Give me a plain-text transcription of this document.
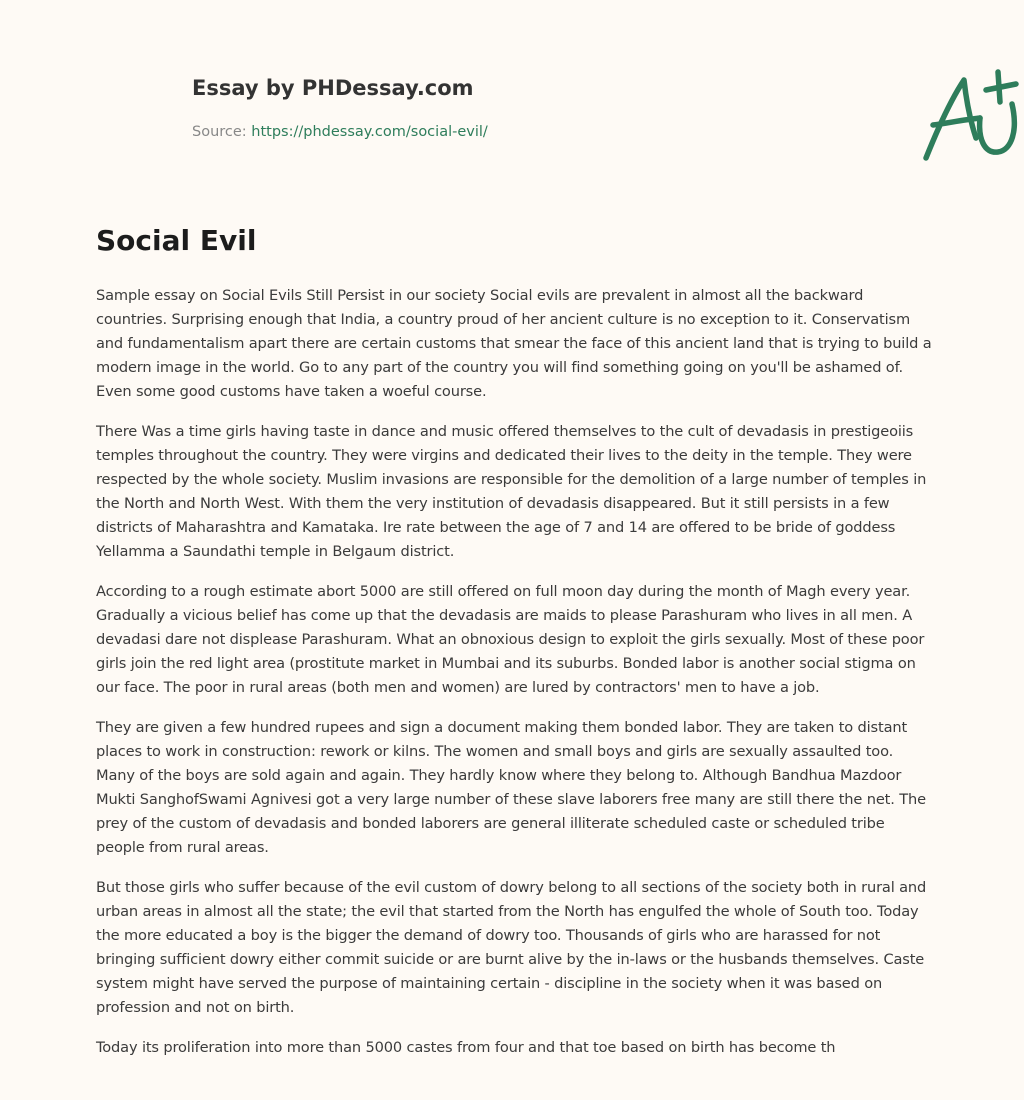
Essay by PHDessay.com
Source: https://phdessay.com/social-evil/
Social Evil

Sample essay on Social Evils Still Persist in our society Social evils are prevalent in almost all the backward countries. Surprising enough that India, a country proud of her ancient culture is no exception to it. Conservatism and fundamentalism apart there are certain customs that smear the face of this ancient land that is trying to build a modern image in the world. Go to any part of the country you will find something going on you'll be ashamed of. Even some good customs have taken a woeful course.

There Was a time girls having taste in dance and music offered themselves to the cult of devadasis in prestigeoiis temples throughout the country. They were virgins and dedicated their lives to the deity in the temple. They were respected by the whole society. Muslim invasions are responsible for the demolition of a large number of temples in the North and North West. With them the very institution of devadasis disappeared. But it still persists in a few districts of Maharashtra and Kamataka. Ire rate between the age of 7 and 14 are offered to be bride of goddess Yellamma a Saundathi temple in Belgaum district.

According to a rough estimate abort 5000 are still offered on full moon day during the month of Magh every year. Gradually a vicious belief has come up that the devadasis are maids to please Parashuram who lives in all men. A devadasi dare not displease Parashuram. What an obnoxious design to exploit the girls sexually. Most of these poor girls join the red light area (prostitute market in Mumbai and its suburbs. Bonded labor is another social stigma on our face. The poor in rural areas (both men and women) are lured by contractors' men to have a job.

They are given a few hundred rupees and sign a document making them bonded labor. They are taken to distant places to work in construction: rework or kilns. The women and small boys and girls are sexually assaulted too. Many of the boys are sold again and again. They hardly know where they belong to. Although Bandhua Mazdoor Mukti SanghofSwami Agnivesi got a very large number of these slave laborers free many are still there the net. The prey of the custom of devadasis and bonded laborers are general illiterate scheduled caste or scheduled tribe people from rural areas.

But those girls who suffer because of the evil custom of dowry belong to all sections of the society both in rural and urban areas in almost all the state; the evil that started from the North has engulfed the whole of South too. Today the more educated a boy is the bigger the demand of dowry too. Thousands of girls who are harassed for not bringing sufficient dowry either commit suicide or are burnt alive by the in-laws or the husbands themselves. Caste system might have served the purpose of maintaining certain - discipline in the society when it was based on profession and not on birth.

Today its proliferation into more than 5000 castes from four and that toe based on birth has become th
